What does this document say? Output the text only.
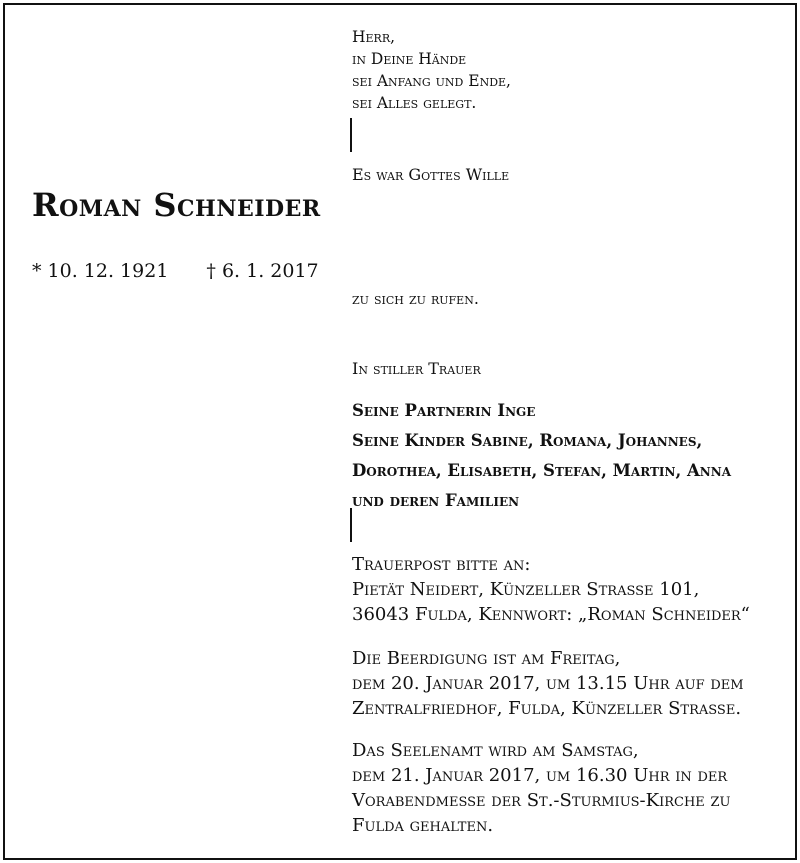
Herr,
in Deine Hände
sei Anfang und Ende,
sei Alles gelegt.
Es war Gottes Wille
Roman Schneider
* 10. 12. 1921 † 6. 1. 2017
zu sich zu rufen.
In stiller Trauer
Seine Partnerin Inge
Seine Kinder Sabine, Romana, Johannes,
Dorothea, Elisabeth, Stefan, Martin, Anna
und deren Familien
Trauerpost bitte an:
Pietät Neidert, Künzeller Strasse 101,
36043 Fulda, Kennwort: „Roman Schneider“
Die Beerdigung ist am Freitag,
dem 20. Januar 2017, um 13.15 Uhr auf dem
Zentralfriedhof, Fulda, Künzeller Strasse.
Das Seelenamt wird am Samstag,
dem 21. Januar 2017, um 16.30 Uhr in der
Vorabendmesse der St.-Sturmius-Kirche zu
Fulda gehalten.
